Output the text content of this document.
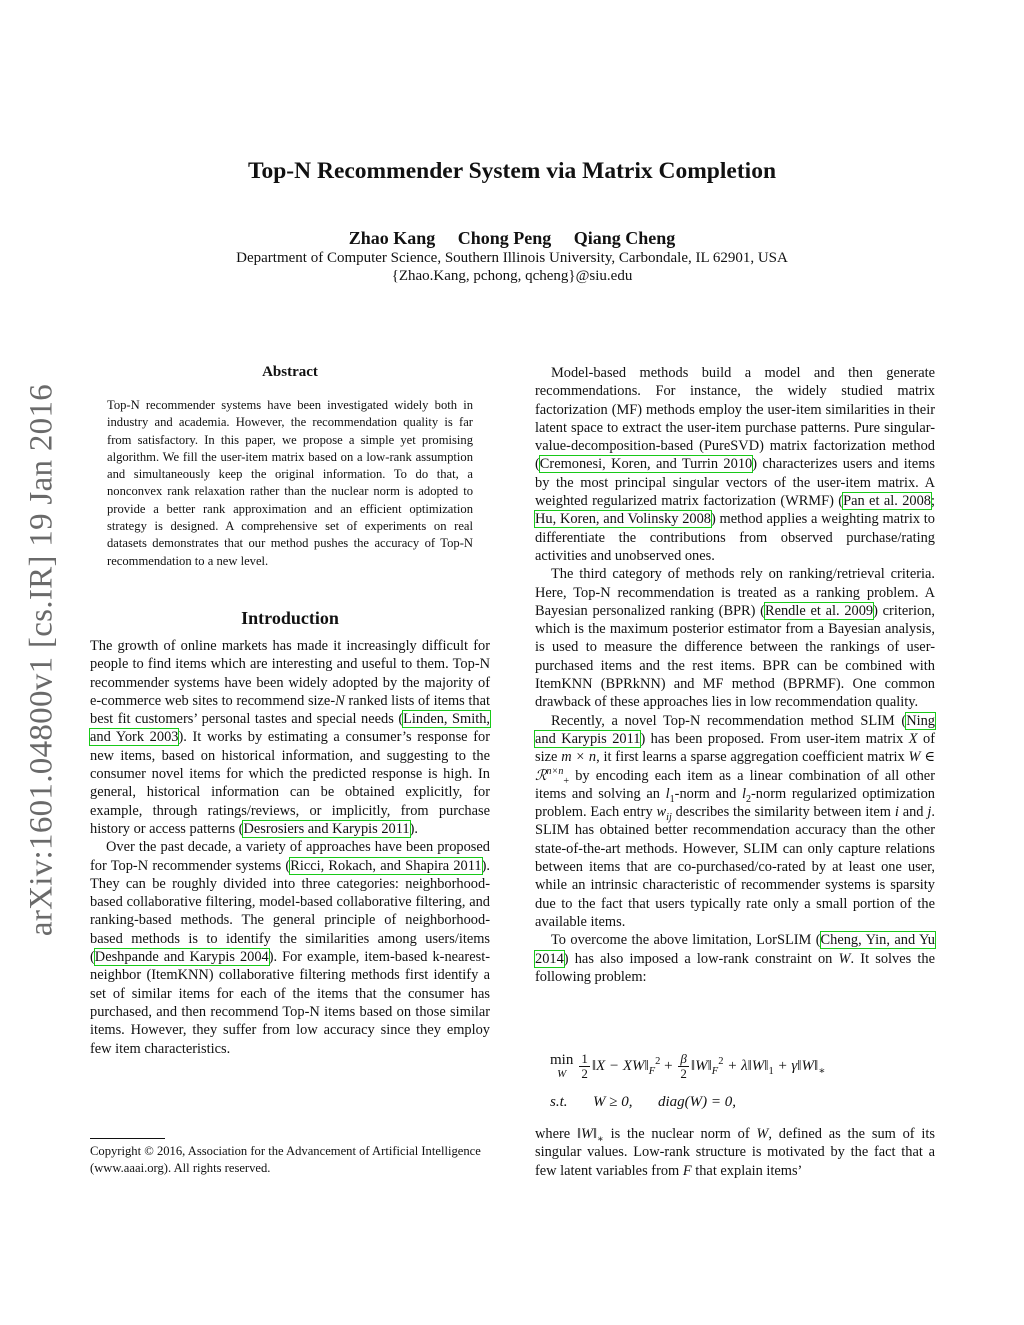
arXiv:1601.04800v1 [cs.IR] 19 Jan 2016
Top-N Recommender System via Matrix Completion
Zhao Kang Chong Peng Qiang Cheng
Department of Computer Science, Southern Illinois University, Carbondale, IL 62901, USA
{Zhao.Kang, pchong, qcheng}@siu.edu
Abstract
Top-N recommender systems have been investigated widely both in industry and academia. However, the recommendation quality is far from satisfactory. In this paper, we propose a simple yet promising algorithm. We fill the user-item matrix based on a low-rank assumption and simultaneously keep the original information. To do that, a nonconvex rank relaxation rather than the nuclear norm is adopted to provide a better rank approximation and an efficient optimization strategy is designed. A comprehensive set of experiments on real datasets demonstrates that our method pushes the accuracy of Top-N recommendation to a new level.
Introduction

The growth of online markets has made it increasingly difficult for people to find items which are interesting and useful to them. Top-N recommender systems have been widely adopted by the majority of e-commerce web sites to recommend size-N ranked lists of items that best fit customers’ personal tastes and special needs (Linden, Smith, and York 2003). It works by estimating a consumer’s response for new items, based on historical information, and suggesting to the consumer novel items for which the predicted response is high. In general, historical information can be obtained explicitly, for example, through ratings/reviews, or implicitly, from purchase history or access patterns (Desrosiers and Karypis 2011).

Over the past decade, a variety of approaches have been proposed for Top-N recommender systems (Ricci, Rokach, and Shapira 2011). They can be roughly divided into three categories: neighborhood-based collaborative filtering, model-based collaborative filtering, and ranking-based methods. The general principle of neighborhood-based methods is to identify the similarities among users/items (Deshpande and Karypis 2004). For example, item-based k-nearest-neighbor (ItemKNN) collaborative filtering methods first identify a set of similar items for each of the items that the consumer has purchased, and then recommend Top-N items based on those similar items. However, they suffer from low accuracy since they employ few item characteristics.

Copyright © 2016, Association for the Advancement of Artificial Intelligence (www.aaai.org). All rights reserved.

Model-based methods build a model and then generate recommendations. For instance, the widely studied matrix factorization (MF) methods employ the user-item similarities in their latent space to extract the user-item purchase patterns. Pure singular-value-decomposition-based (PureSVD) matrix factorization method (Cremonesi, Koren, and Turrin 2010) characterizes users and items by the most principal singular vectors of the user-item matrix. A weighted regularized matrix factorization (WRMF) (Pan et al. 2008; Hu, Koren, and Volinsky 2008) method applies a weighting matrix to differentiate the contributions from observed purchase/rating activities and unobserved ones.

The third category of methods rely on ranking/retrieval criteria. Here, Top-N recommendation is treated as a ranking problem. A Bayesian personalized ranking (BPR) (Rendle et al. 2009) criterion, which is the maximum posterior estimator from a Bayesian analysis, is used to measure the difference between the rankings of user-purchased items and the rest items. BPR can be combined with ItemKNN (BPRkNN) and MF method (BPRMF). One common drawback of these approaches lies in low recommendation quality.

Recently, a novel Top-N recommendation method SLIM (Ning and Karypis 2011) has been proposed. From user-item matrix X of size m × n, it first learns a sparse aggregation coefficient matrix W ∈ ℛ$^{n\times n}_+$ by encoding each item as a linear combination of all other items and solving an $l_1$-norm and $l_2$-norm regularized optimization problem. Each entry $w_{ij}$ describes the similarity between item i and j. SLIM has obtained better recommendation accuracy than the other state-of-the-art methods. However, SLIM can only capture relations between items that are co-purchased/co-rated by at least one user, while an intrinsic characteristic of recommender systems is sparsity due to the fact that users typically rate only a small portion of the available items.

To overcome the above limitation, LorSLIM (Cheng, Yin, and Yu 2014) has also imposed a low-rank constraint on W. It solves the following problem:

min
W	$\frac{1}{2}$ ‖X − $XW‖_F^2 + \frac{\beta}{2}$ $‖W‖_F^2$ + $\lambda‖W‖_1$ + $\gamma‖W‖_∗$
s.t. W ≥ 0, diag(W) = 0,

where $‖W‖_∗$ is the nuclear norm of W, defined as the sum of its singular values. Low-rank structure is motivated by the fact that a few latent variables from F that explain items’
